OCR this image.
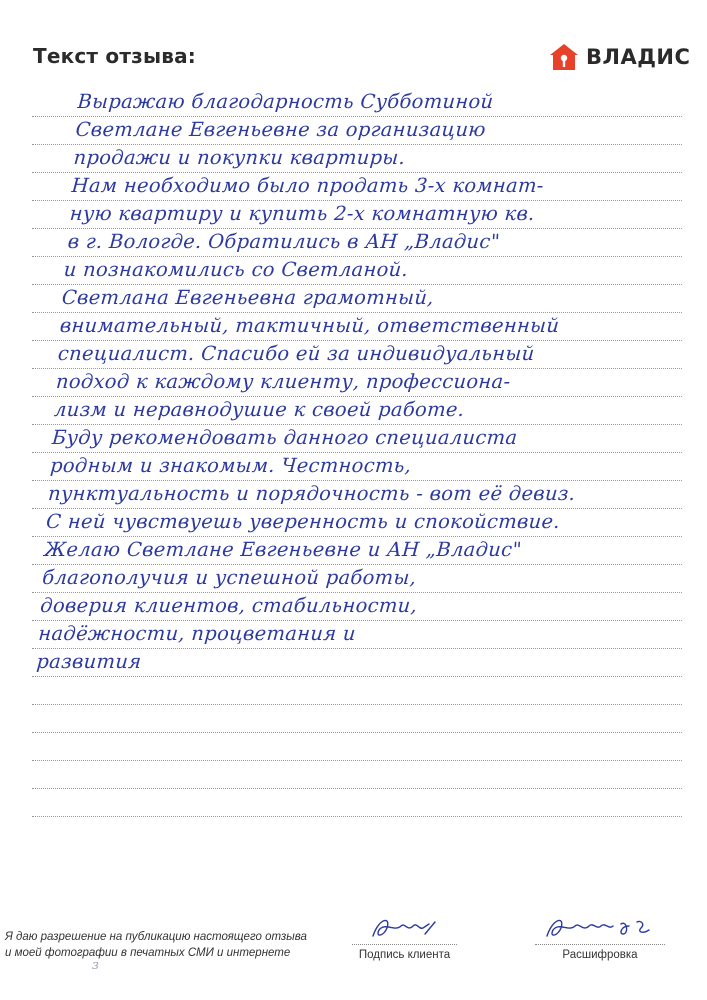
Текст отзыва:	ВЛАДИС
Выражаю благодарность Субботиной
Светлане Евгеньевне за организацию
продажи и покупки квартиры.
Нам необходимо было продать 3-х комнат-
ную квартиру и купить 2-х комнатную кв.
в г. Вологде. Обратились в АН „Владис"
и познакомились со Светланой.
Светлана Евгеньевна грамотный,
внимательный, тактичный, ответственный
специалист. Спасибо ей за индивидуальный
подход к каждому клиенту, профессиона-
лизм и неравнодушие к своей работе.
Буду рекомендовать данного специалиста
родным и знакомым. Честность,
пунктуальность и порядочность - вот её девиз.
С ней чувствуешь уверенность и спокойствие.
Желаю Светлане Евгеньевне и АН „Владис"
благополучия и успешной работы,
доверия клиентов, стабильности,
надёжности, процветания и
развития
Я даю разрешение на публикацию настоящего отзыва
и моей фотографии в печатных СМИ и интернете	Подпись клиента	Расшифровка
ɜ
